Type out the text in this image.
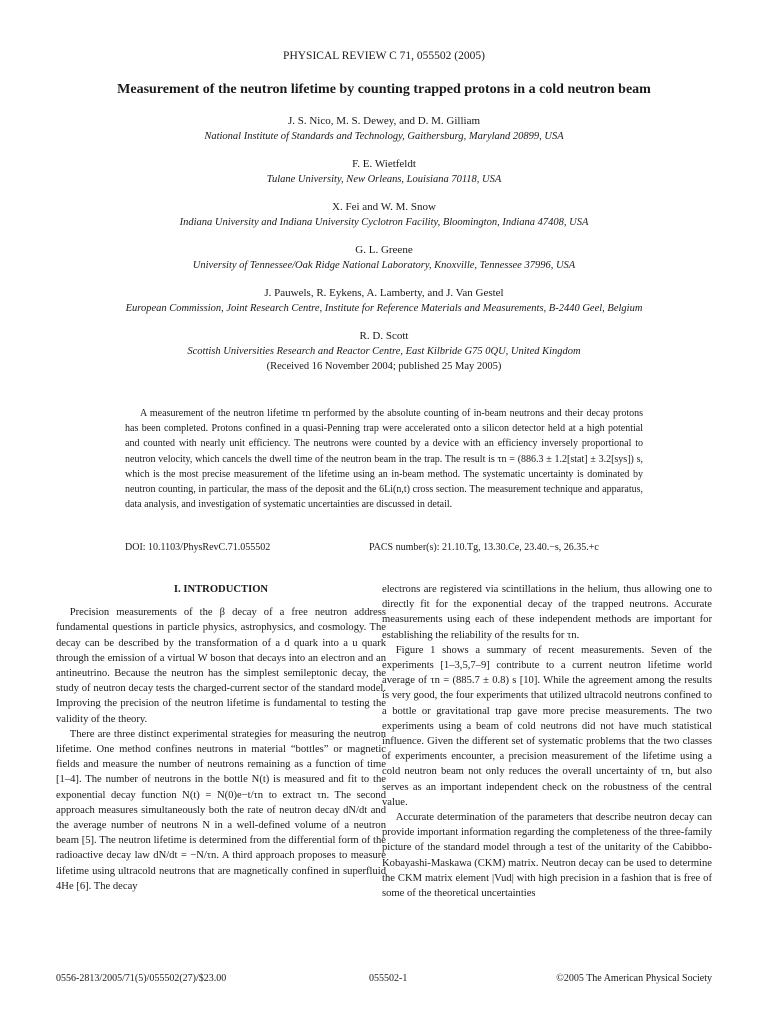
PHYSICAL REVIEW C 71, 055502 (2005)
Measurement of the neutron lifetime by counting trapped protons in a cold neutron beam
J. S. Nico, M. S. Dewey, and D. M. Gilliam
National Institute of Standards and Technology, Gaithersburg, Maryland 20899, USA
F. E. Wietfeldt
Tulane University, New Orleans, Louisiana 70118, USA
X. Fei and W. M. Snow
Indiana University and Indiana University Cyclotron Facility, Bloomington, Indiana 47408, USA
G. L. Greene
University of Tennessee/Oak Ridge National Laboratory, Knoxville, Tennessee 37996, USA
J. Pauwels, R. Eykens, A. Lamberty, and J. Van Gestel
European Commission, Joint Research Centre, Institute for Reference Materials and Measurements, B-2440 Geel, Belgium
R. D. Scott
Scottish Universities Research and Reactor Centre, East Kilbride G75 0QU, United Kingdom
(Received 16 November 2004; published 25 May 2005)
A measurement of the neutron lifetime τn performed by the absolute counting of in-beam neutrons and their decay protons has been completed. Protons confined in a quasi-Penning trap were accelerated onto a silicon detector held at a high potential and counted with nearly unit efficiency. The neutrons were counted by a device with an efficiency inversely proportional to neutron velocity, which cancels the dwell time of the neutron beam in the trap. The result is τn = (886.3 ± 1.2[stat] ± 3.2[sys]) s, which is the most precise measurement of the lifetime using an in-beam method. The systematic uncertainty is dominated by neutron counting, in particular, the mass of the deposit and the 6Li(n,t) cross section. The measurement technique and apparatus, data analysis, and investigation of systematic uncertainties are discussed in detail.
DOI: 10.1103/PhysRevC.71.055502	PACS number(s): 21.10.Tg, 13.30.Ce, 23.40.−s, 26.35.+c
I. INTRODUCTION

Precision measurements of the β decay of a free neutron address fundamental questions in particle physics, astrophysics, and cosmology. The decay can be described by the transformation of a d quark into a u quark through the emission of a virtual W boson that decays into an electron and an antineutrino. Because the neutron has the simplest semileptonic decay, the study of neutron decay tests the charged-current sector of the standard model. Improving the precision of the neutron lifetime is fundamental to testing the validity of the theory.

There are three distinct experimental strategies for measuring the neutron lifetime. One method confines neutrons in material “bottles” or magnetic fields and measure the number of neutrons remaining as a function of time [1–4]. The number of neutrons in the bottle N(t) is measured and fit to the exponential decay function N(t) = N(0)e−t/τn to extract τn. The second approach measures simultaneously both the rate of neutron decay dN/dt and the average number of neutrons N in a well-defined volume of a neutron beam [5]. The neutron lifetime is determined from the differential form of the radioactive decay law dN/dt = −N/τn. A third approach proposes to measure lifetime using ultracold neutrons that are magnetically confined in superfluid 4He [6]. The decay

electrons are registered via scintillations in the helium, thus allowing one to directly fit for the exponential decay of the trapped neutrons. Accurate measurements using each of these independent methods are important for establishing the reliability of the results for τn.

Figure 1 shows a summary of recent measurements. Seven of the experiments [1–3,5,7–9] contribute to a current neutron lifetime world average of τn = (885.7 ± 0.8) s [10]. While the agreement among the results is very good, the four experiments that utilized ultracold neutrons confined to a bottle or gravitational trap gave more precise measurements. The two experiments using a beam of cold neutrons did not have much statistical influence. Given the different set of systematic problems that the two classes of experiments encounter, a precision measurement of the lifetime using a cold neutron beam not only reduces the overall uncertainty of τn, but also serves as an important independent check on the robustness of the central value.

Accurate determination of the parameters that describe neutron decay can provide important information regarding the completeness of the three-family picture of the standard model through a test of the unitarity of the Cabibbo-Kobayashi-Maskawa (CKM) matrix. Neutron decay can be used to determine the CKM matrix element |Vud| with high precision in a fashion that is free of some of the theoretical uncertainties

0556-2813/2005/71(5)/055502(27)/$23.00	055502-1	©2005 The American Physical Society
